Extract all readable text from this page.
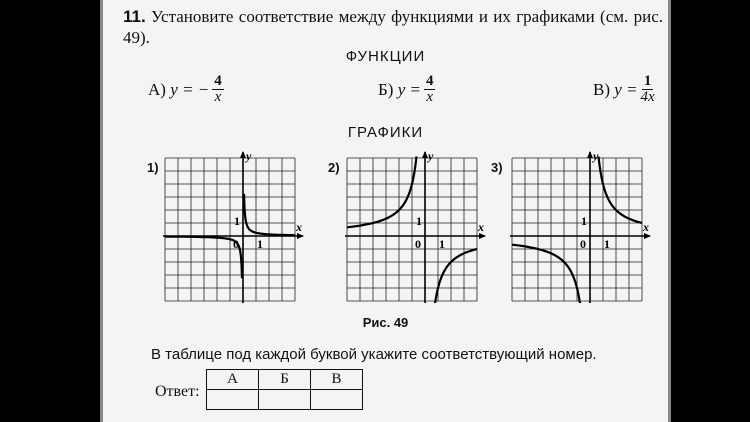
11. Установите соответствие между функциями и их графиками (см. рис. 49).
ФУНКЦИИ
А)
y = − $\frac{4}{x}$	Б)
$y = \frac{4}{x}$	В)
$y = \frac{1}{4x}$
ГРАФИКИ
1)
x
y
0 1
1
2)
x
y
0 1
1
3)
x
y
0 1
1
Рис. 49
В таблице под каждой буквой укажите соответствующий номер.
Ответ:
А	Б	В
